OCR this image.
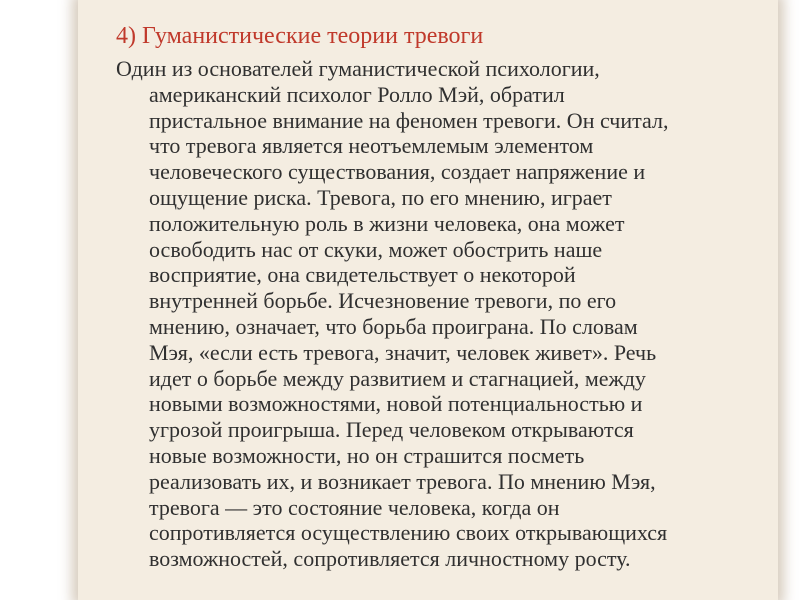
4) Гуманистические теории тревоги
Один из основателей гуманистической психологии,
американский психолог Ролло Мэй, обратил
пристальное внимание на феномен тревоги. Он считал,
что тревога является неотъемлемым элементом
человеческого существования, создает напряжение и
ощущение риска. Тревога, по его мнению, играет
положительную роль в жизни человека, она может
освободить нас от скуки, может обострить наше
восприятие, она свидетельствует о некоторой
внутренней борьбе. Исчезновение тревоги, по его
мнению, означает, что борьба проиграна. По словам
Мэя, «если есть тревога, значит, человек живет». Речь
идет о борьбе между развитием и стагнацией, между
новыми возможностями, новой потенциальностью и
угрозой проигрыша. Перед человеком открываются
новые возможности, но он страшится посметь
реализовать их, и возникает тревога. По мнению Мэя,
тревога — это состояние человека, когда он
сопротивляется осуществлению своих открывающихся
возможностей, сопротивляется личностному росту.
